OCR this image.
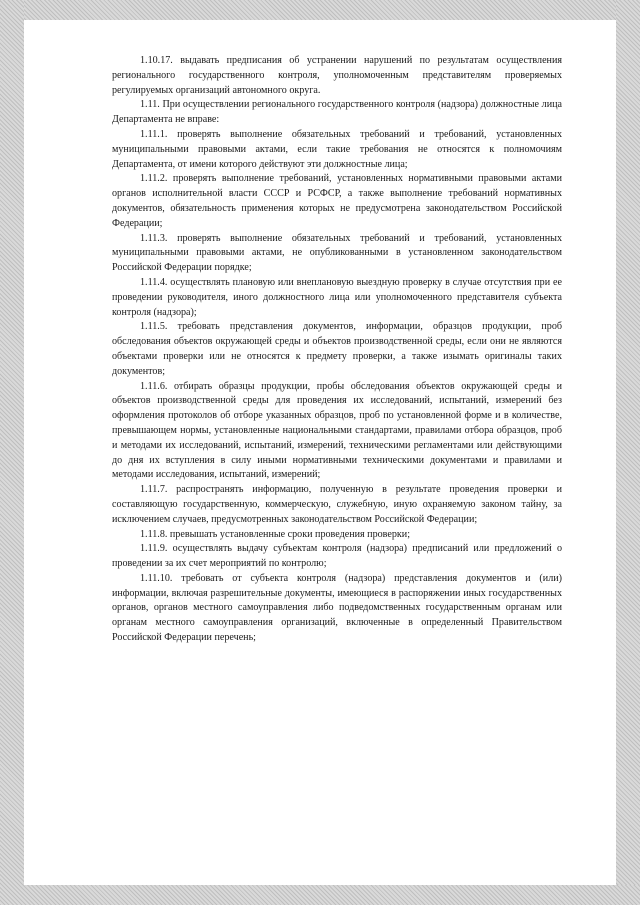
1.10.17. выдавать предписания об устранении нарушений по результатам осуществления регионального государственного контроля, уполномоченным представителям проверяемых регулируемых организаций автономного округа.

1.11. При осуществлении регионального государственного контроля (надзора) должностные лица Департамента не вправе:

1.11.1. проверять выполнение обязательных требований и требований, установленных муниципальными правовыми актами, если такие требования не относятся к полномочиям Департамента, от имени которого действуют эти должностные лица;

1.11.2. проверять выполнение требований, установленных нормативными правовыми актами органов исполнительной власти СССР и РСФСР, а также выполнение требований нормативных документов, обязательность применения которых не предусмотрена законодательством Российской Федерации;

1.11.3. проверять выполнение обязательных требований и требований, установленных муниципальными правовыми актами, не опубликованными в установленном законодательством Российской Федерации порядке;

1.11.4. осуществлять плановую или внеплановую выездную проверку в случае отсутствия при ее проведении руководителя, иного должностного лица или уполномоченного представителя субъекта контроля (надзора);

1.11.5. требовать представления документов, информации, образцов продукции, проб обследования объектов окружающей среды и объектов производственной среды, если они не являются объектами проверки или не относятся к предмету проверки, а также изымать оригиналы таких документов;

1.11.6. отбирать образцы продукции, пробы обследования объектов окружающей среды и объектов производственной среды для проведения их исследований, испытаний, измерений без оформления протоколов об отборе указанных образцов, проб по установленной форме и в количестве, превышающем нормы, установленные национальными стандартами, правилами отбора образцов, проб и методами их исследований, испытаний, измерений, техническими регламентами или действующими до дня их вступления в силу иными нормативными техническими документами и правилами и методами исследования, испытаний, измерений;

1.11.7. распространять информацию, полученную в результате проведения проверки и составляющую государственную, коммерческую, служебную, иную охраняемую законом тайну, за исключением случаев, предусмотренных законодательством Российской Федерации;

1.11.8. превышать установленные сроки проведения проверки;

1.11.9. осуществлять выдачу субъектам контроля (надзора) предписаний или предложений о проведении за их счет мероприятий по контролю;

1.11.10. требовать от субъекта контроля (надзора) представления документов и (или) информации, включая разрешительные документы, имеющиеся в распоряжении иных государственных органов, органов местного самоуправления либо подведомственных государственным органам или органам местного самоуправления организаций, включенные в определенный Правительством Российской Федерации перечень;
